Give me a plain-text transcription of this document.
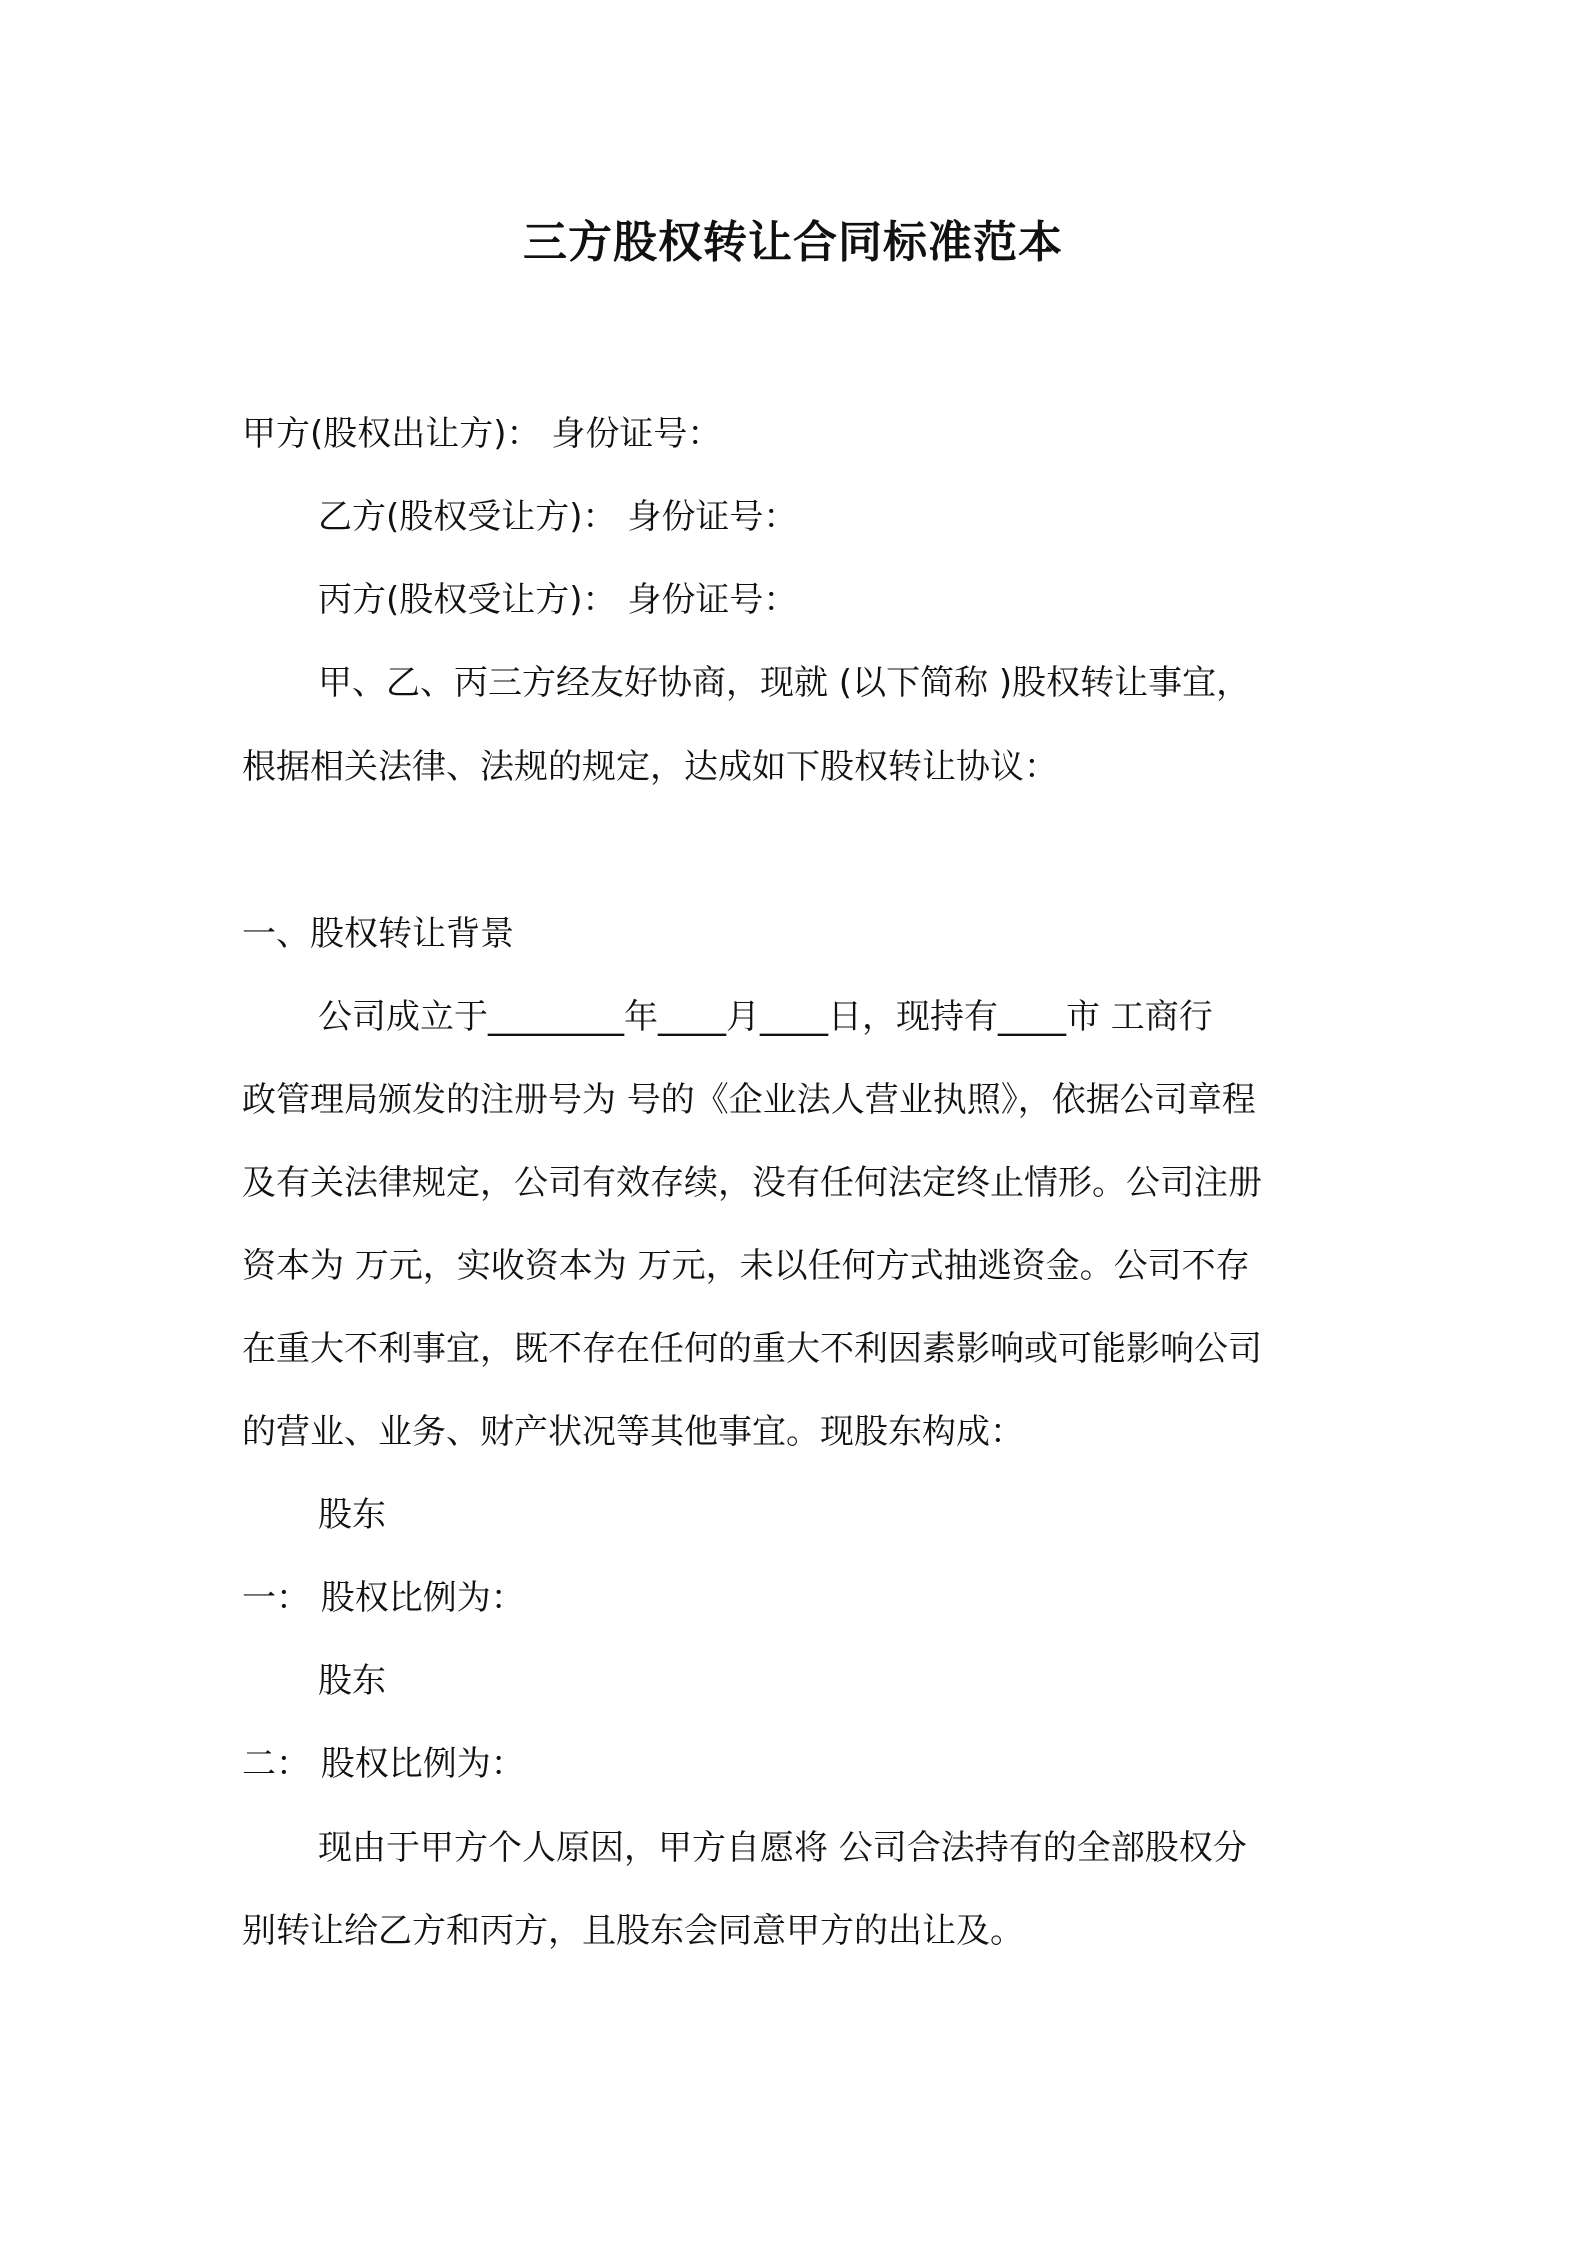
三方股权转让合同标准范本
甲方(股权出让方)： 身份证号：
乙方(股权受让方)： 身份证号：
丙方(股权受让方)： 身份证号：
甲、乙、丙三方经友好协商，现就 (以下简称 )股权转让事宜，
根据相关法律、法规的规定，达成如下股权转让协议：
一、股权转让背景
公司成立于________年____月____日，现持有____市 工商行
政管理局颁发的注册号为 号的《企业法人营业执照》，依据公司章程
及有关法律规定，公司有效存续，没有任何法定终止情形。公司注册
资本为 万元，实收资本为 万元，未以任何方式抽逃资金。公司不存
在重大不利事宜，既不存在任何的重大不利因素影响或可能影响公司
的营业、业务、财产状况等其他事宜。现股东构成：
股东
一： 股权比例为：
股东
二： 股权比例为：
现由于甲方个人原因，甲方自愿将 公司合法持有的全部股权分
别转让给乙方和丙方，且股东会同意甲方的出让及。
